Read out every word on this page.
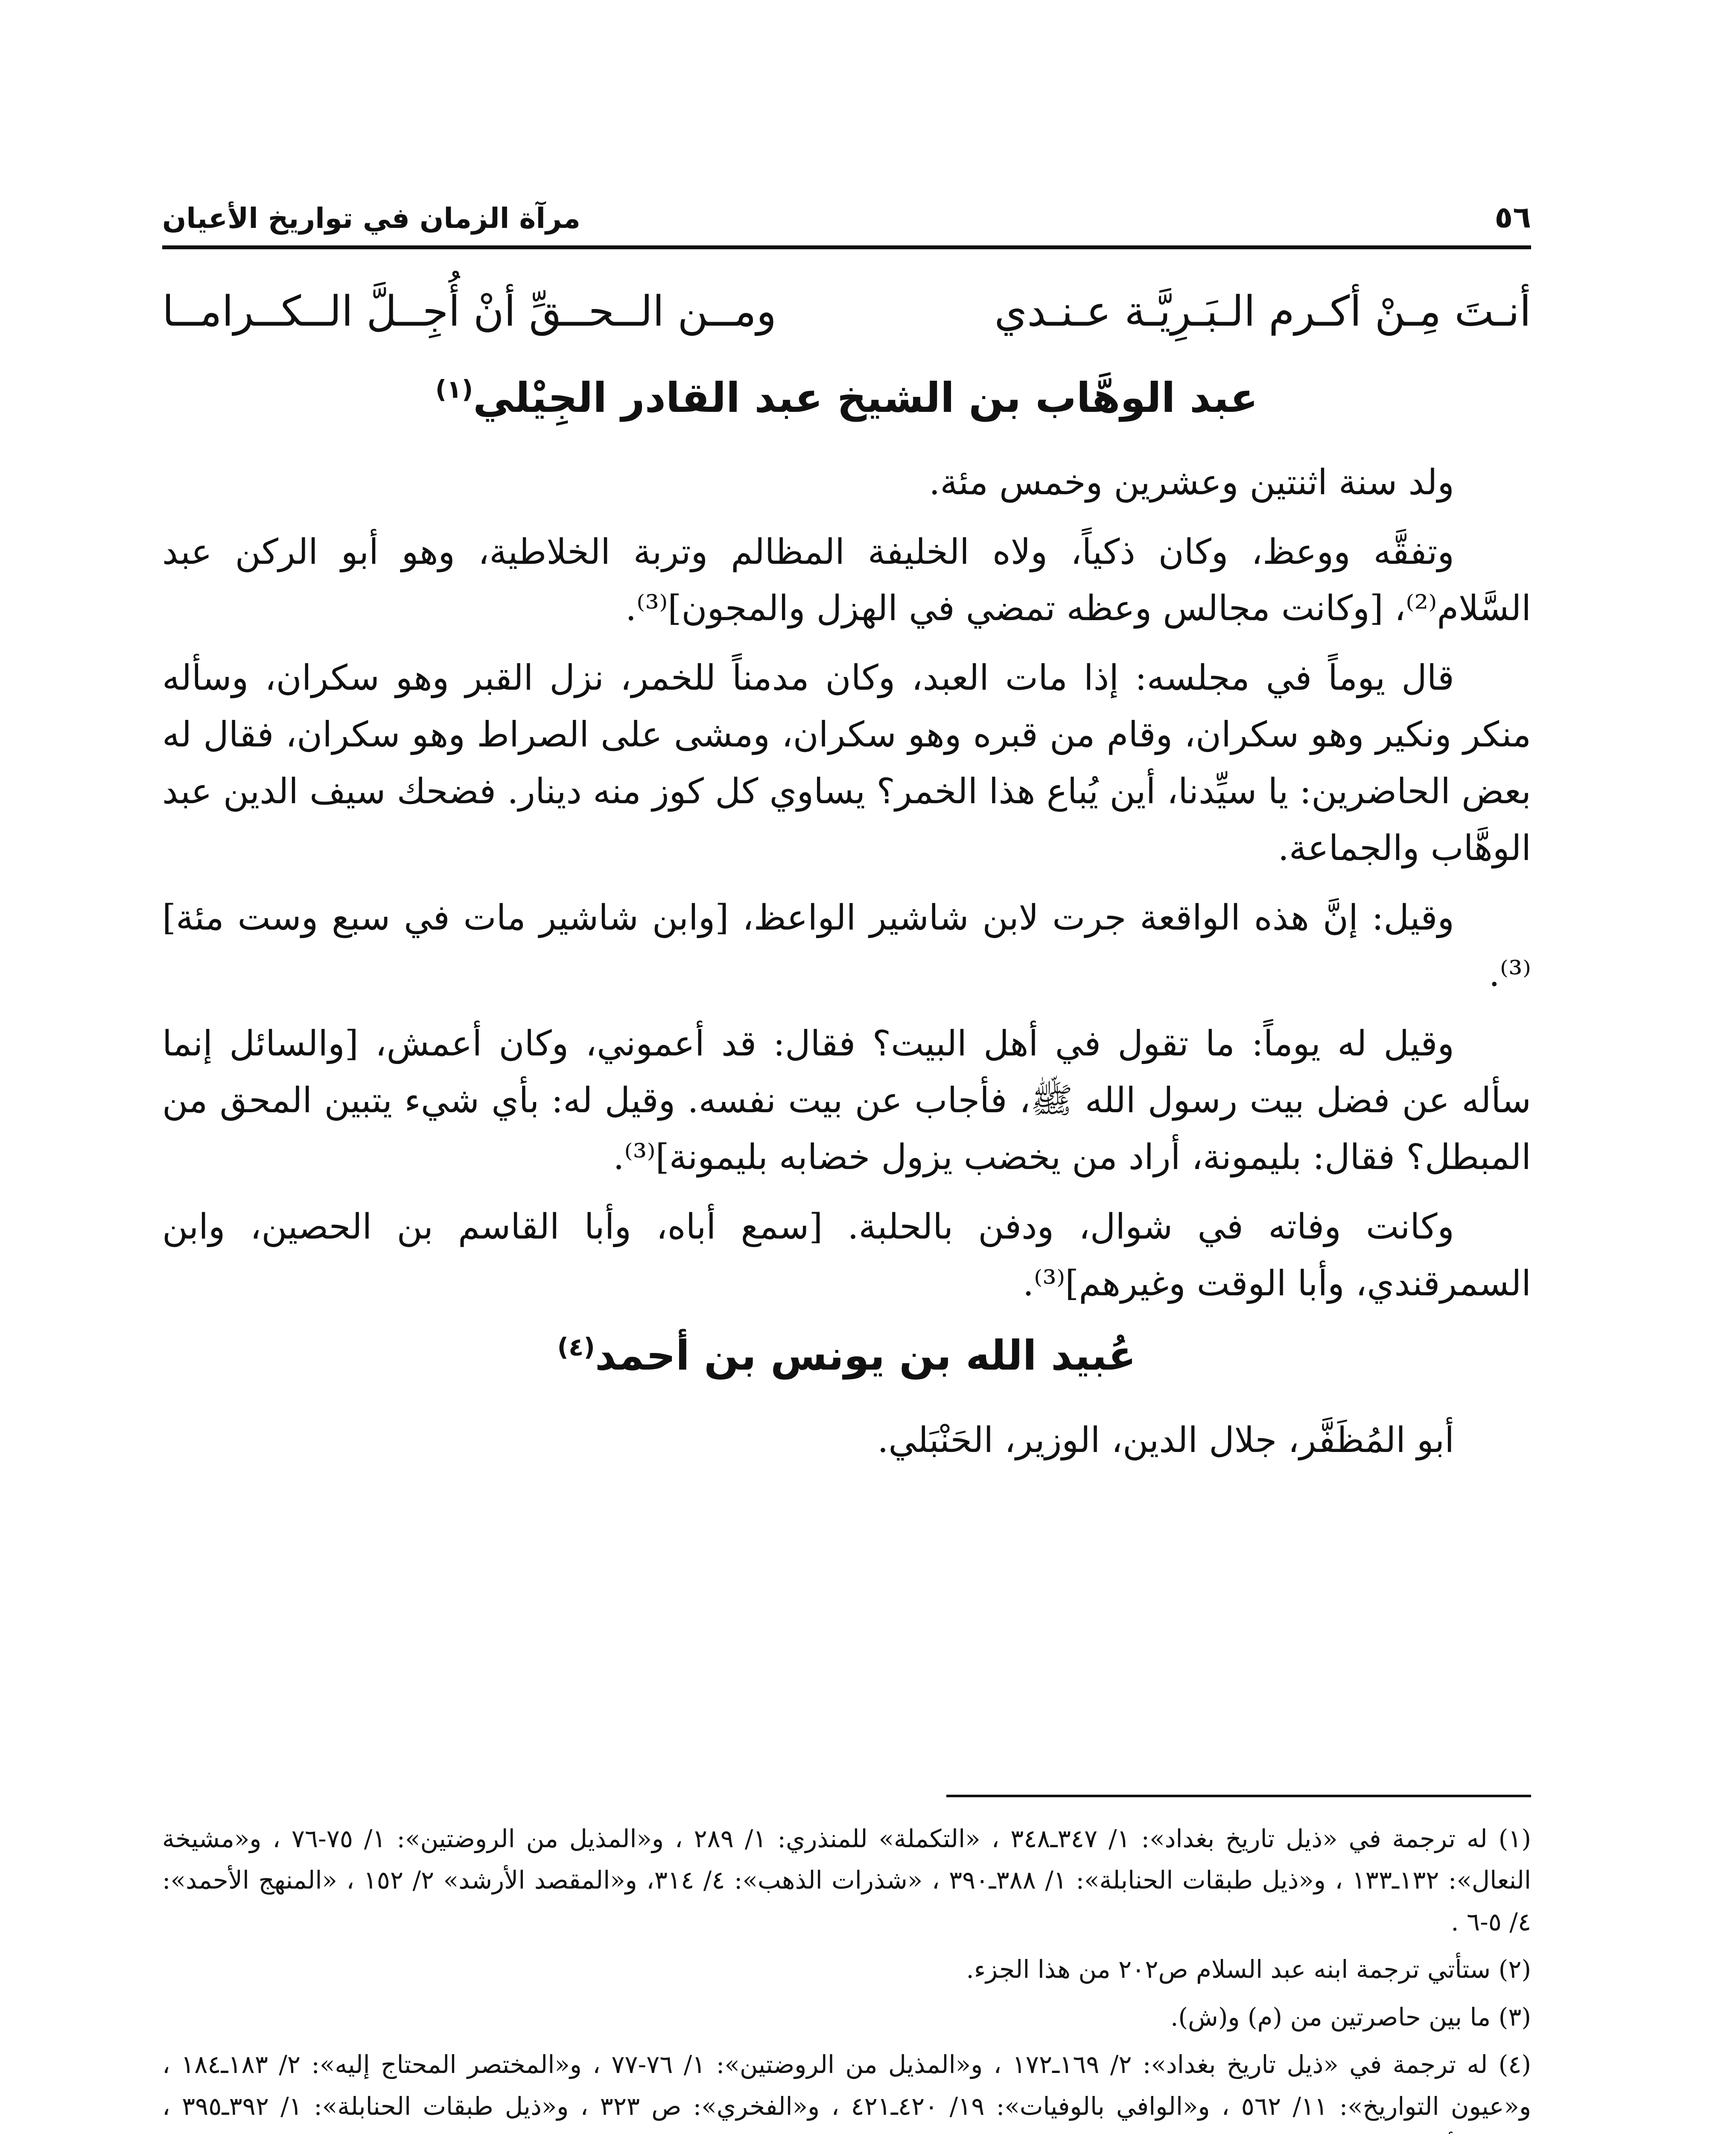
٥٦
مرآة الزمان في تواريخ الأعيان
أنـتَ مِـنْ أكـرم الـبَـرِيَّـة عـنـدي
ومــن الــحــقِّ أنْ أُجِــلَّ الــكــرامــا
عبد الوهَّاب بن الشيخ عبد القادر الجِيْلي$^{(١)}$

ولد سنة اثنتين وعشرين وخمس مئة.

وتفقَّه ووعظ، وكان ذكياً، ولاه الخليفة المظالم وتربة الخلاطية، وهو أبو الركن عبد السَّلام⁽²⁾، [وكانت مجالس وعظه تمضي في الهزل والمجون]⁽³⁾.

قال يوماً في مجلسه: إذا مات العبد، وكان مدمناً للخمر، نزل القبر وهو سكران، وسأله منكر ونكير وهو سكران، وقام من قبره وهو سكران، ومشى على الصراط وهو سكران، فقال له بعض الحاضرين: يا سيِّدنا، أين يُباع هذا الخمر؟ يساوي كل كوز منه دينار. فضحك سيف الدين عبد الوهَّاب والجماعة.

وقيل: إنَّ هذه الواقعة جرت لابن شاشير الواعظ، [وابن شاشير مات في سبع وست مئة]⁽³⁾.

وقيل له يوماً: ما تقول في أهل البيت؟ فقال: قد أعموني، وكان أعمش، [والسائل إنما سأله عن فضل بيت رسول الله ﷺ، فأجاب عن بيت نفسه. وقيل له: بأي شيء يتبين المحق من المبطل؟ فقال: بليمونة، أراد من يخضب يزول خضابه بليمونة]⁽³⁾.

وكانت وفاته في شوال، ودفن بالحلبة. [سمع أباه، وأبا القاسم بن الحصين، وابن السمرقندي، وأبا الوقت وغيرهم]⁽³⁾.

عُبيد الله بن يونس بن أحمد$^{(٤)}$

أبو المُظَفَّر، جلال الدين، الوزير، الحَنْبَلي.

(١) له ترجمة في «ذيل تاريخ بغداد»: ١/ ٣٤٧ـ٣٤٨ ، «التكملة» للمنذري: ١/ ٢٨٩ ، و«المذيل من الروضتين»: ١/ ٧٥-٧٦ ، و«مشيخة النعال»: ١٣٢ـ١٣٣ ، و«ذيل طبقات الحنابلة»: ١/ ٣٨٨ـ٣٩٠ ، «شذرات الذهب»: ٤/ ٣١٤، و«المقصد الأرشد» ٢/ ١٥٢ ، «المنهج الأحمد»: ٤/ ٥-٦ .

(٢) ستأتي ترجمة ابنه عبد السلام ص٢٠٢ من هذا الجزء.

(٣) ما بين حاصرتين من (م) و(ش).

(٤) له ترجمة في «ذيل تاريخ بغداد»: ٢/ ١٦٩ـ١٧٢ ، و«المذيل من الروضتين»: ١/ ٧٦-٧٧ ، و«المختصر المحتاج إليه»: ٢/ ١٨٣ـ١٨٤ ، و«عيون التواريخ»: ١١/ ٥٦٢ ، و«الوافي بالوفيات»: ١٩/ ٤٢٠ـ٤٢١ ، و«الفخري»: ص ٣٢٣ ، و«ذيل طبقات الحنابلة»: ١/ ٣٩٢ـ٣٩٥ ،
